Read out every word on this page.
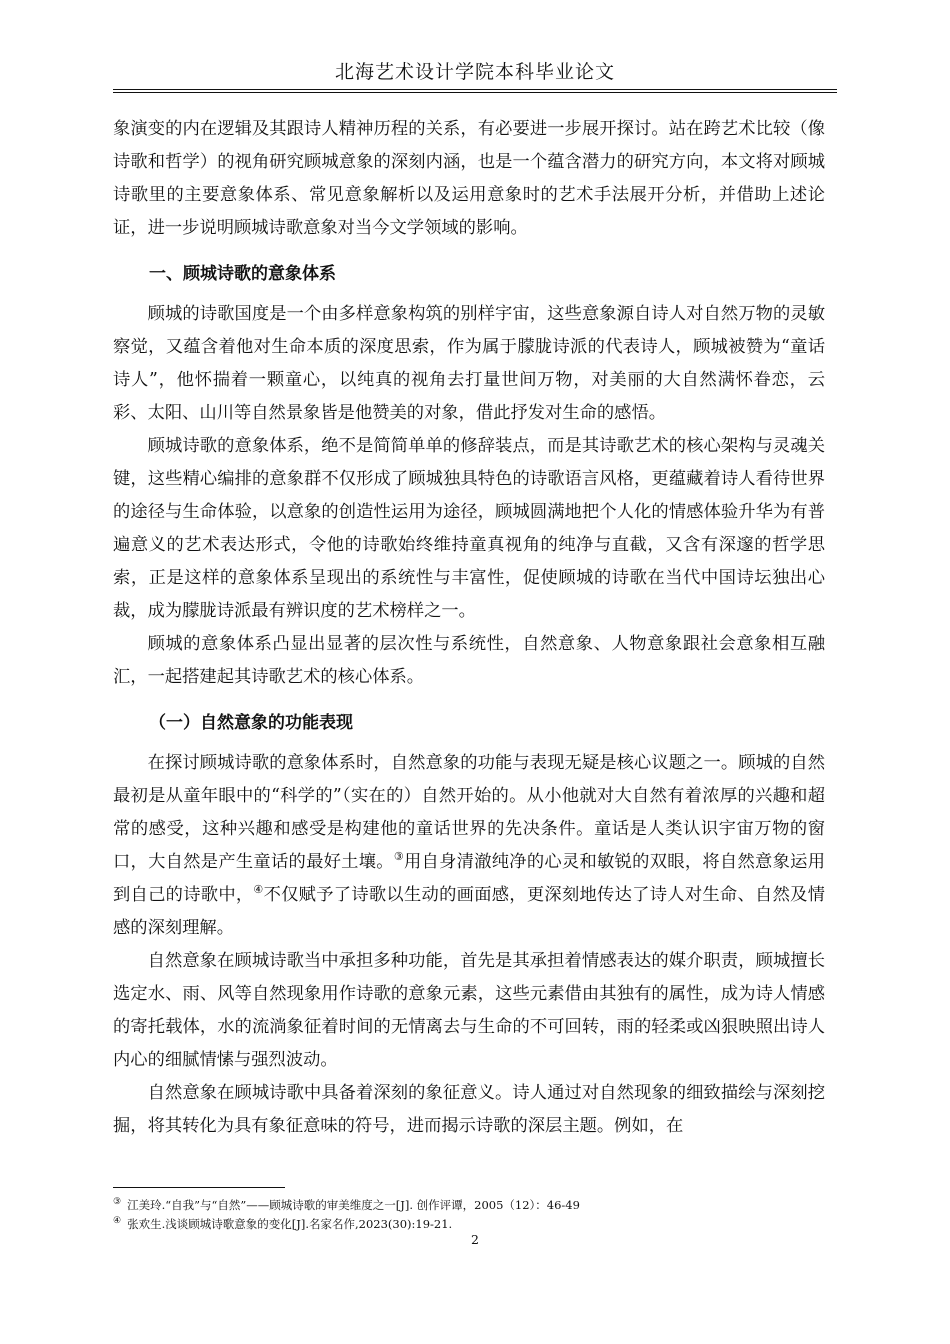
北海艺术设计学院本科毕业论文

象演变的内在逻辑及其跟诗人精神历程的关系，有必要进一步展开探讨。站在跨艺术比较（像诗歌和哲学）的视角研究顾城意象的深刻内涵，也是一个蕴含潜力的研究方向，本文将对顾城诗歌里的主要意象体系、常见意象解析以及运用意象时的艺术手法展开分析，并借助上述论证，进一步说明顾城诗歌意象对当今文学领域的影响。

一、顾城诗歌的意象体系

顾城的诗歌国度是一个由多样意象构筑的别样宇宙，这些意象源自诗人对自然万物的灵敏察觉，又蕴含着他对生命本质的深度思索，作为属于朦胧诗派的代表诗人，顾城被赞为“童话诗人”，他怀揣着一颗童心，以纯真的视角去打量世间万物，对美丽的大自然满怀眷恋，云彩、太阳、山川等自然景象皆是他赞美的对象，借此抒发对生命的感悟。

顾城诗歌的意象体系，绝不是简简单单的修辞装点，而是其诗歌艺术的核心架构与灵魂关键，这些精心编排的意象群不仅形成了顾城独具特色的诗歌语言风格，更蕴藏着诗人看待世界的途径与生命体验，以意象的创造性运用为途径，顾城圆满地把个人化的情感体验升华为有普遍意义的艺术表达形式，令他的诗歌始终维持童真视角的纯净与直截，又含有深邃的哲学思索，正是这样的意象体系呈现出的系统性与丰富性，促使顾城的诗歌在当代中国诗坛独出心裁，成为朦胧诗派最有辨识度的艺术榜样之一。

顾城的意象体系凸显出显著的层次性与系统性，自然意象、人物意象跟社会意象相互融汇，一起搭建起其诗歌艺术的核心体系。

（一）自然意象的功能表现

在探讨顾城诗歌的意象体系时，自然意象的功能与表现无疑是核心议题之一。顾城的自然最初是从童年眼中的“科学的”（实在的）自然开始的。从小他就对大自然有着浓厚的兴趣和超常的感受，这种兴趣和感受是构建他的童话世界的先决条件。童话是人类认识宇宙万物的窗口，大自然是产生童话的最好土壤。③用自身清澈纯净的心灵和敏锐的双眼，将自然意象运用到自己的诗歌中，④不仅赋予了诗歌以生动的画面感，更深刻地传达了诗人对生命、自然及情感的深刻理解。

自然意象在顾城诗歌当中承担多种功能，首先是其承担着情感表达的媒介职责，顾城擅长选定水、雨、风等自然现象用作诗歌的意象元素，这些元素借由其独有的属性，成为诗人情感的寄托载体，水的流淌象征着时间的无情离去与生命的不可回转，雨的轻柔或凶狠映照出诗人内心的细腻情愫与强烈波动。

自然意象在顾城诗歌中具备着深刻的象征意义。诗人通过对自然现象的细致描绘与深刻挖掘，将其转化为具有象征意味的符号，进而揭示诗歌的深层主题。例如，在

③ 江美玲.“自我”与“自然”——顾城诗歌的审美维度之一[J]. 创作评谭，2005（12）：46-49

④ 张欢生.浅谈顾城诗歌意象的变化[J].名家名作,2023(30):19-21.

2
